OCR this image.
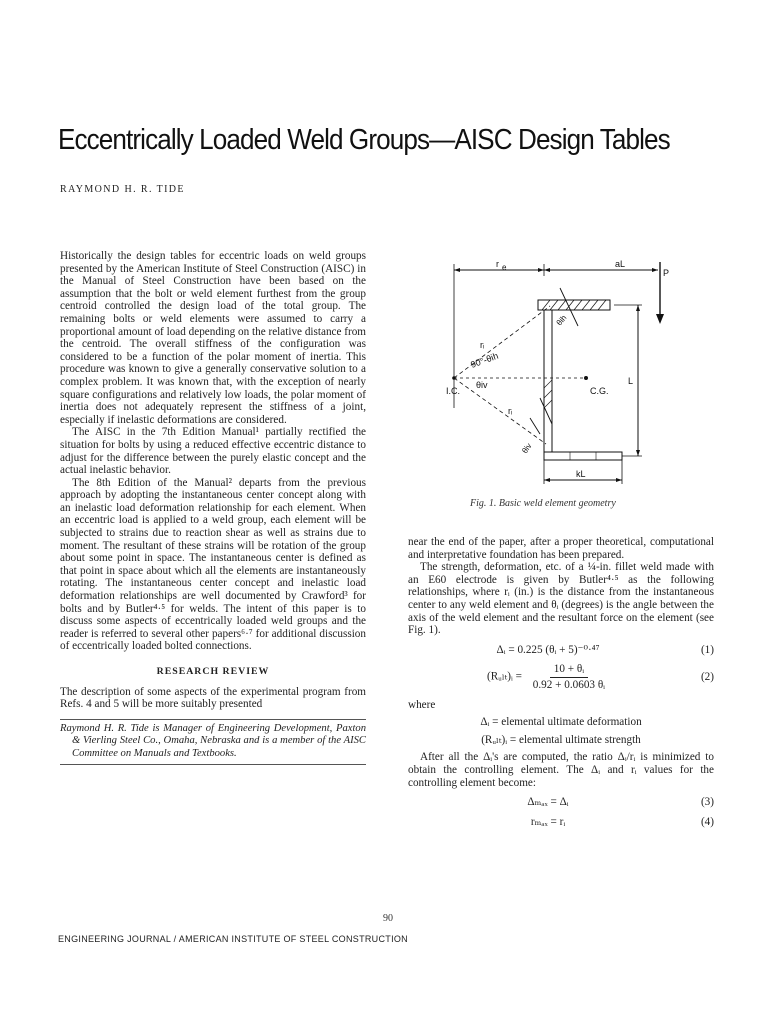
Eccentrically Loaded Weld Groups—AISC Design Tables
RAYMOND H. R. TIDE

Historically the design tables for eccentric loads on weld groups presented by the American Institute of Steel Construction (AISC) in the Manual of Steel Construction have been based on the assumption that the bolt or weld element furthest from the group centroid controlled the design load of the total group. The remaining bolts or weld elements were assumed to carry a proportional amount of load depending on the relative distance from the centroid. The overall stiffness of the configuration was considered to be a function of the polar moment of inertia. This procedure was known to give a generally conservative solution to a complex problem. It was known that, with the exception of nearly square configurations and relatively low loads, the polar moment of inertia does not adequately represent the stiffness of a joint, especially if inelastic deformations are considered.

The AISC in the 7th Edition Manual¹ partially rectified the situation for bolts by using a reduced effective eccentric distance to adjust for the difference between the purely elastic concept and the actual inelastic behavior.

The 8th Edition of the Manual² departs from the previous approach by adopting the instantaneous center concept along with an inelastic load deformation relationship for each element. When an eccentric load is applied to a weld group, each element will be subjected to strains due to reaction shear as well as strains due to moment. The resultant of these strains will be rotation of the group about some point in space. The instantaneous center is defined as that point in space about which all the elements are instantaneously rotating. The instantaneous center concept and inelastic load deformation relationships are well documented by Crawford³ for bolts and by Butler⁴·⁵ for welds. The intent of this paper is to discuss some aspects of eccentrically loaded weld groups and the reader is referred to several other papers⁶·⁷ for additional discussion of eccentrically loaded bolted connections.

RESEARCH REVIEW

The description of some aspects of the experimental program from Refs. 4 and 5 will be more suitably presented

Raymond H. R. Tide is Manager of Engineering Development, Paxton & Vierling Steel Co., Omaha, Nebraska and is a member of the AISC Committee on Manuals and Textbooks.
r e	aL
P
L
kL
I.C.	C.G.
rᵢ
rᵢ
90°-θih
θiv
θih
θiv
Fig. 1. Basic weld element geometry

near the end of the paper, after a proper theoretical, computational and interpretative foundation has been prepared.

The strength, deformation, etc. of a ¼-in. fillet weld made with an E60 electrode is given by Butler⁴·⁵ as the following relationships, where rᵢ (in.) is the distance from the instantaneous center to any weld element and θᵢ (degrees) is the angle between the axis of the weld element and the resultant force on the element (see Fig. 1).

Δᵢ = 0.225 (θᵢ + 5)⁻⁰·⁴⁷	(1)
(Rᵤₗₜ)ᵢ = $\frac{\text{10 + θᵢ}}{\text{0.92 + 0.0603 θᵢ}}$	(2)
where
Δᵢ = elemental ultimate deformation
(Rᵤₗₜ)ᵢ = elemental ultimate strength

After all the Δᵢ's are computed, the ratio Δᵢ/rᵢ is minimized to obtain the controlling element. The Δᵢ and rᵢ values for the controlling element become:

Δₘₐₓ = Δᵢ	(3)
rₘₐₓ = rᵢ	(4)
90
ENGINEERING JOURNAL / AMERICAN INSTITUTE OF STEEL CONSTRUCTION
